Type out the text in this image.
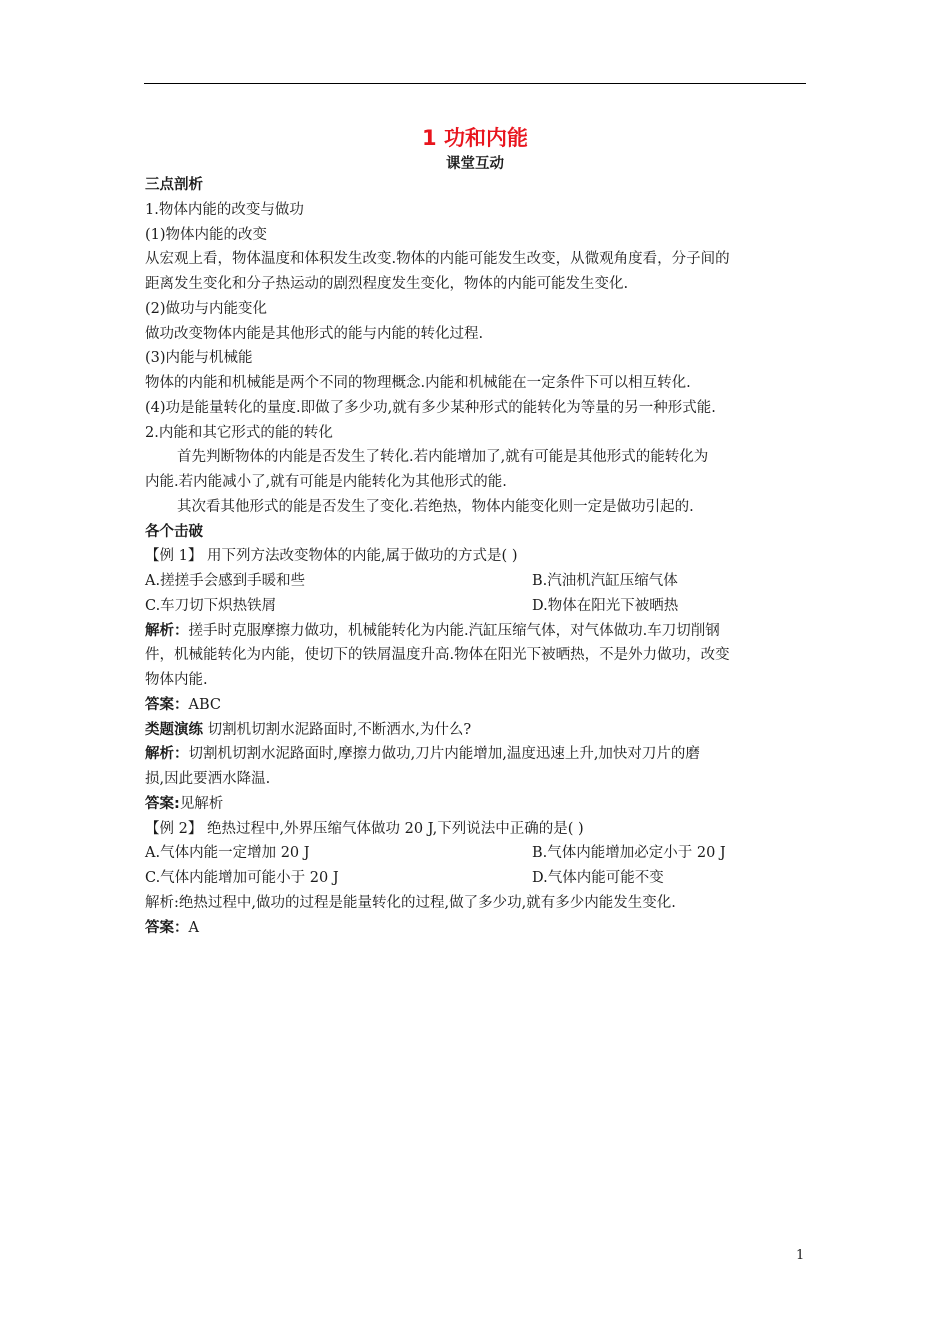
1 功和内能
课堂互动
三点剖析
1.物体内能的改变与做功
(1)物体内能的改变
从宏观上看，物体温度和体积发生改变.物体的内能可能发生改变，从微观角度看，分子间的
距离发生变化和分子热运动的剧烈程度发生变化，物体的内能可能发生变化.
(2)做功与内能变化
做功改变物体内能是其他形式的能与内能的转化过程.
(3)内能与机械能
物体的内能和机械能是两个不同的物理概念.内能和机械能在一定条件下可以相互转化.
(4)功是能量转化的量度.即做了多少功,就有多少某种形式的能转化为等量的另一种形式能.
2.内能和其它形式的能的转化
首先判断物体的内能是否发生了转化.若内能增加了,就有可能是其他形式的能转化为
内能.若内能减小了,就有可能是内能转化为其他形式的能.
其次看其他形式的能是否发生了变化.若绝热，物体内能变化则一定是做功引起的.
各个击破
【例 1】 用下列方法改变物体的内能,属于做功的方式是( )
A.搓搓手会感到手暖和些	B.汽油机汽缸压缩气体
C.车刀切下炽热铁屑	D.物体在阳光下被晒热
解析：搓手时克服摩擦力做功，机械能转化为内能.汽缸压缩气体，对气体做功.车刀切削钢
件，机械能转化为内能，使切下的铁屑温度升高.物体在阳光下被晒热，不是外力做功，改变
物体内能.
答案：ABC
类题演练 切割机切割水泥路面时,不断洒水,为什么?
解析：切割机切割水泥路面时,摩擦力做功,刀片内能增加,温度迅速上升,加快对刀片的磨
损,因此要洒水降温.
答案:见解析
【例 2】 绝热过程中,外界压缩气体做功 20 J,下列说法中正确的是( )
A.气体内能一定增加 20 J	B.气体内能增加必定小于 20 J
C.气体内能增加可能小于 20 J	D.气体内能可能不变
解析:绝热过程中,做功的过程是能量转化的过程,做了多少功,就有多少内能发生变化.
答案：A
1
